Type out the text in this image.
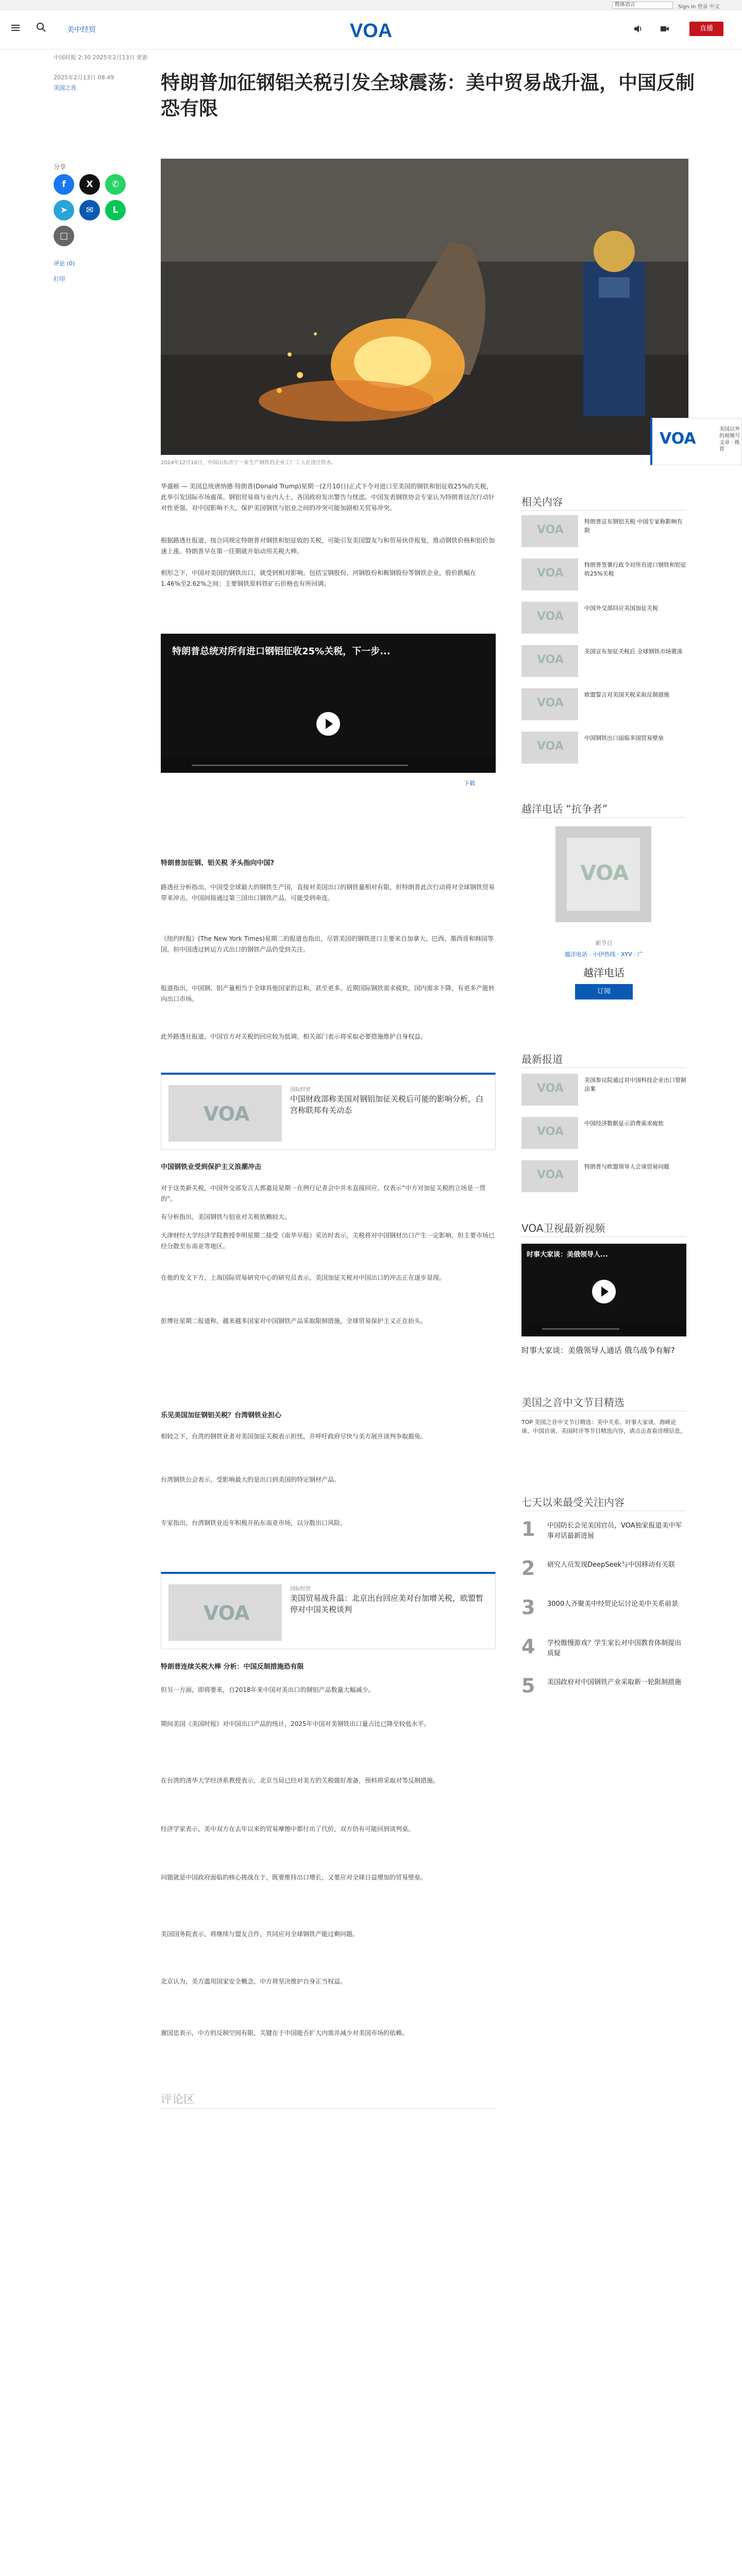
简体语言	Sign In 登录 中文
美中经贸	VOA	直播
中国时报 2:30 2025年2月13日 更新
2025年2月13日 08:49
美国之音	特朗普加征钢铝关税引发全球震荡：美中贸易战升温，中国反制恐有限
分享
f	X	✆
➤	✉	L
□
评论 (0)
打印
VOA
美国以外的视频号文章 · 推荐
2024年12月10日，中国山东济宁一家生产钢铁的企业工厂工人在浇注铁水。

华盛顿 — 美国总统唐纳德·特朗普(Donald Trump)星期一(2月10日)正式下令对进口至美国的钢铁和铝征收25%的关税，此举引发国际市场震荡。钢铝贸易商与业内人士、各国政府发出警告与忧虑。中国发表钢铁协会专家认为特朗普这次行动针对性更强，对中国影响不大，保护美国钢铁与铝业之间的冲突可能加剧相关贸易冲突。

根据路透社报道，按合同规定特朗普对钢铁和铝征收的关税，可能引发美国盟友与和贸易伙伴报复，推动钢铁价格和铝价加速上涨。特朗普早在第一任期就开始动用关税大棒。

相形之下，中国对美国的钢铁出口，就受到相对影响。包括宝钢股份、河钢股份和鞍钢股份等钢铁企业，股价跌幅在1.46%至2.62%之间；主要钢铁原料铁矿石价格也有所回调。

特朗普总统对所有进口钢铝征收25%关税，下一步...
下载
特朗普加征钢、铝关税 矛头指向中国?

路透社分析指出，中国受全球最大的钢铁生产国，直接对美国出口的钢铁量相对有限，但特朗普此次行动将对全球钢铁贸易带来冲击。中国间接通过第三国出口钢铁产品，可能受到牵连。

《纽约时报》(The New York Times)星期二的报道也指出，尽管美国的钢铁进口主要来自加拿大、巴西、墨西哥和韩国等国，但中国透过转运方式出口的钢铁产品仍受到关注。

报道指出，中国钢、铝产量相当于全球其他国家的总和，甚至更多。近期国际钢铁需求疲软，国内需求下降，有更多产能转向出口市场。

此外路透社报道，中国官方对关税的回应较为低调，相关部门表示将采取必要措施维护自身权益。

VOA
国际经贸
中国财政部称美国对钢铝加征关税后可能的影响分析，白宫称联邦有关动态
中国钢铁业受到保护主义浪潮冲击

对于这类新关税，中国外交部发言人郭嘉昆星期一在例行记者会中并未直接回应，仅表示“中方对加征关税的立场是一贯的”。

有分析指出，美国钢铁与铝业对关税依赖较大。

天津财经大学经济学院教授李明星期二接受《南华早报》采访时表示，关税将对中国钢材出口产生一定影响，但主要市场已经分散至东南亚等地区。

在他的发文下方，上海国际贸易研究中心的研究员表示，美国加征关税对中国出口的冲击正在逐步显现。

彭博社星期二报道称，越来越多国家对中国钢铁产品采取限制措施，全球贸易保护主义正在抬头。

乐见美国加征钢铝关税？台湾钢铁业担心

相较之下，台湾的钢铁业者对美国加征关税表示担忧，并呼吁政府尽快与美方展开谈判争取豁免。

台湾钢铁公会表示，受影响最大的是出口到美国的特定钢材产品。

专家指出，台湾钢铁业近年积极开拓东南亚市场，以分散出口风险。

VOA
国际经贸
美国贸易战升温：北京出台回应美对台加增关税，欧盟暂停对中国关税谈判
特朗普连续关税大棒 分析：中国反制措施恐有限

但另一方面，即将要来，自2018年来中国对美出口的钢铝产品数量大幅减少。

期间美国《美国时报》对中国出口产品的统计，2025年中国对美钢铁出口量占比已降至较低水平。

在台湾的清华大学经济系教授表示，北京当局已经对美方的关税做好准备，预料将采取对等反制措施。

经济学家表示，美中双方在去年以来的贸易摩擦中都付出了代价，双方仍有可能回到谈判桌。

问题就是中国政府面临的核心挑战在于，既要维持出口增长，又要应对全球日益增加的贸易壁垒。

美国国务院表示，将继续与盟友合作，共同应对全球钢铁产能过剩问题。

北京认为，美方滥用国家安全概念，中方将坚决维护自身正当权益。

谢国忠表示，中方的反制空间有限，关键在于中国能否扩大内需并减少对美国市场的依赖。

评论区
相关内容
VOA
特朗普宣布钢铝关税 中国专家称影响有限
VOA
特朗普签署行政令对所有进口钢铁和铝征收25%关税
VOA
中国外交部回应美国加征关税
VOA
美国宣布加征关税后 全球钢铁市场震荡
VOA
欧盟誓言对美国关税采取反制措施
VOA
中国钢铁出口面临多国贸易壁垒
越洋电话 “抗争者”
VOA
新节目
越洋电话 · 小伊热线 · XYV · 广
越洋电话
订阅
最新报道
VOA
美国参议院通过对中国科技企业出口管制法案
VOA
中国经济数据显示消费需求疲软
VOA
特朗普与欧盟领导人会谈贸易问题
VOA卫视最新视频
时事大家谈：美俄领导人...
时事大家谈：美俄领导人通话 俄乌战争有解?
美国之音中文节目精选
TOP 美国之音中文节目精选：美中关系、时事大家谈、海峡论谈、中国访谈、美国时评等节目精选内容，请点击查看详细信息。
七天以来最受关注内容
1 中国防长会见美国官员，VOA独家报道美中军事对话最新进展
2 研究人员发现DeepSeek与中国移动有关联
3 3000人齐聚美中经贸论坛讨论美中关系前景
4 学校傲慢游戏？学生家长对中国教育体制提出质疑
5 美国政府对中国钢铁产业采取新一轮限制措施
